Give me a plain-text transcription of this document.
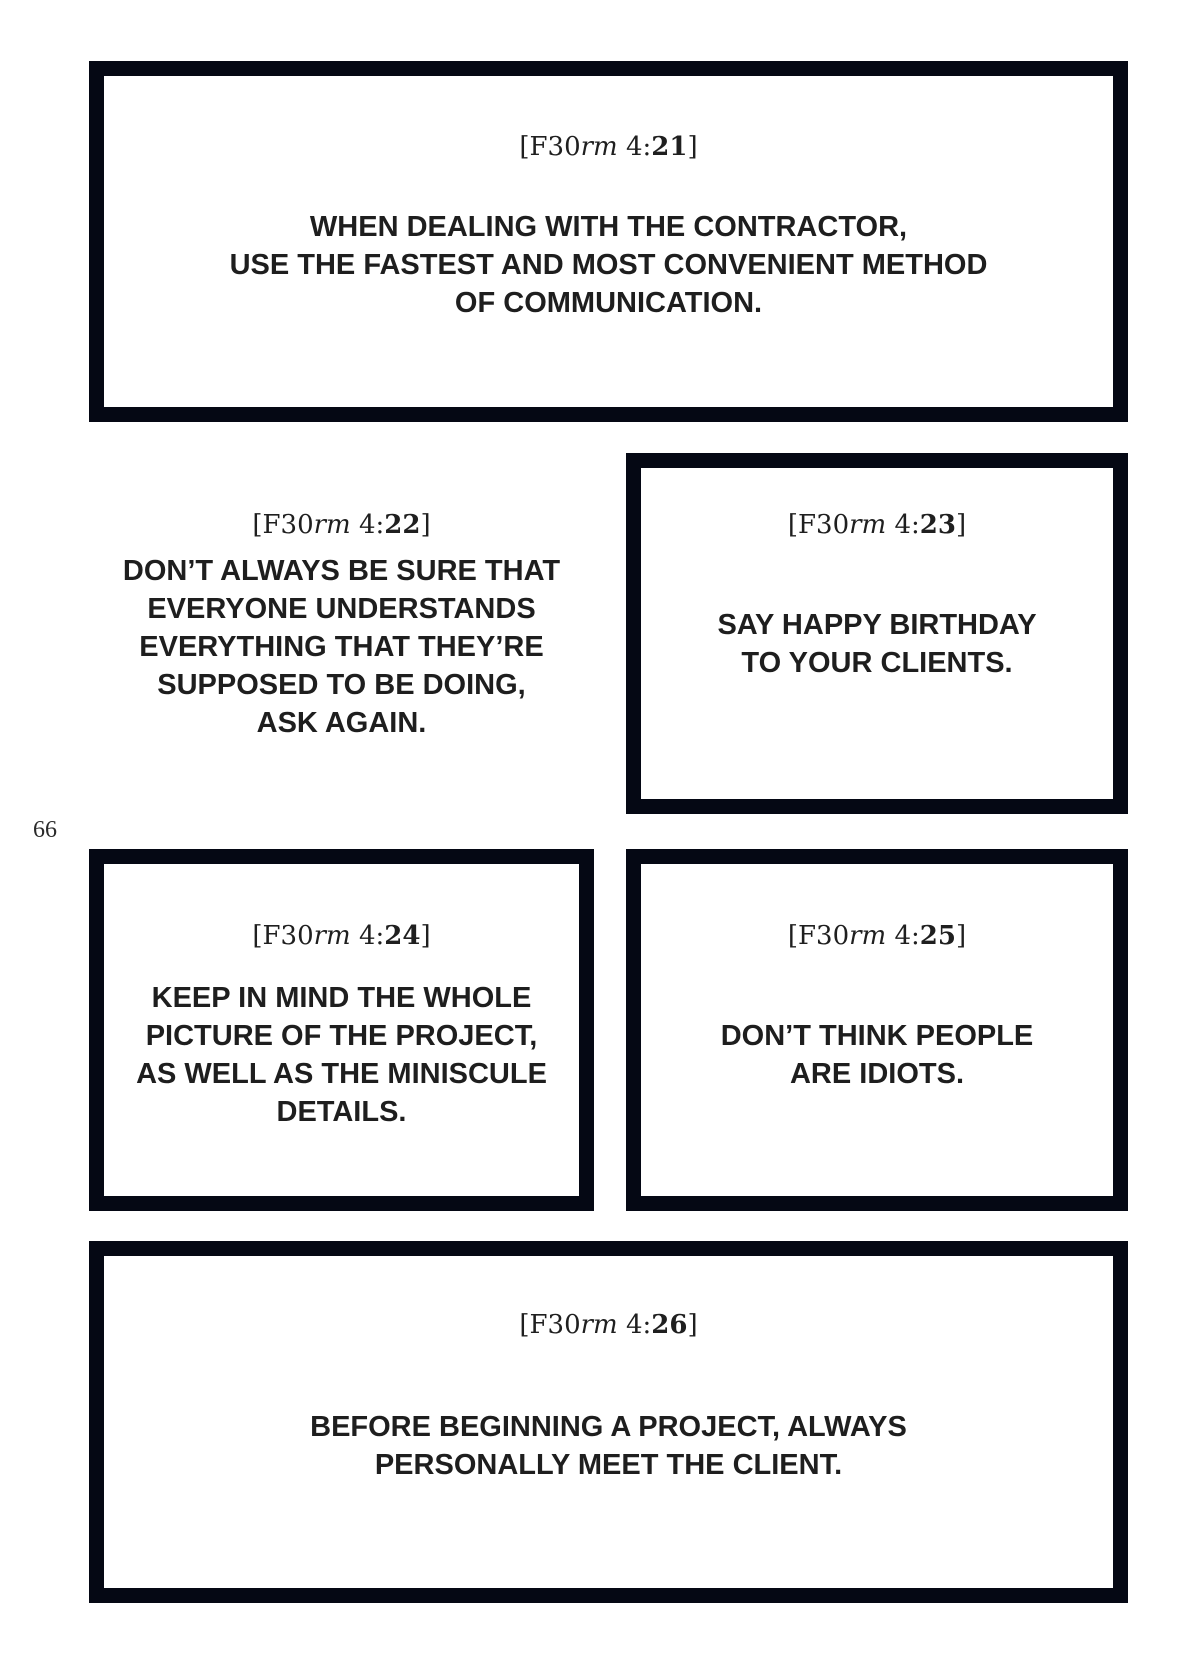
[F30rm 4:21]

WHEN DEALING WITH THE CONTRACTOR,
USE THE FASTEST AND MOST CONVENIENT METHOD
OF COMMUNICATION.

[F30rm 4:22]

DON’T ALWAYS BE SURE THAT
EVERYONE UNDERSTANDS
EVERYTHING THAT THEY’RE
SUPPOSED TO BE DOING,
ASK AGAIN.

[F30rm 4:23]

SAY HAPPY BIRTHDAY
TO YOUR CLIENTS.

66
[F30rm 4:24]

KEEP IN MIND THE WHOLE
PICTURE OF THE PROJECT,
AS WELL AS THE MINISCULE
DETAILS.

[F30rm 4:25]

DON’T THINK PEOPLE
ARE IDIOTS.

[F30rm 4:26]

BEFORE BEGINNING A PROJECT, ALWAYS
PERSONALLY MEET THE CLIENT.
